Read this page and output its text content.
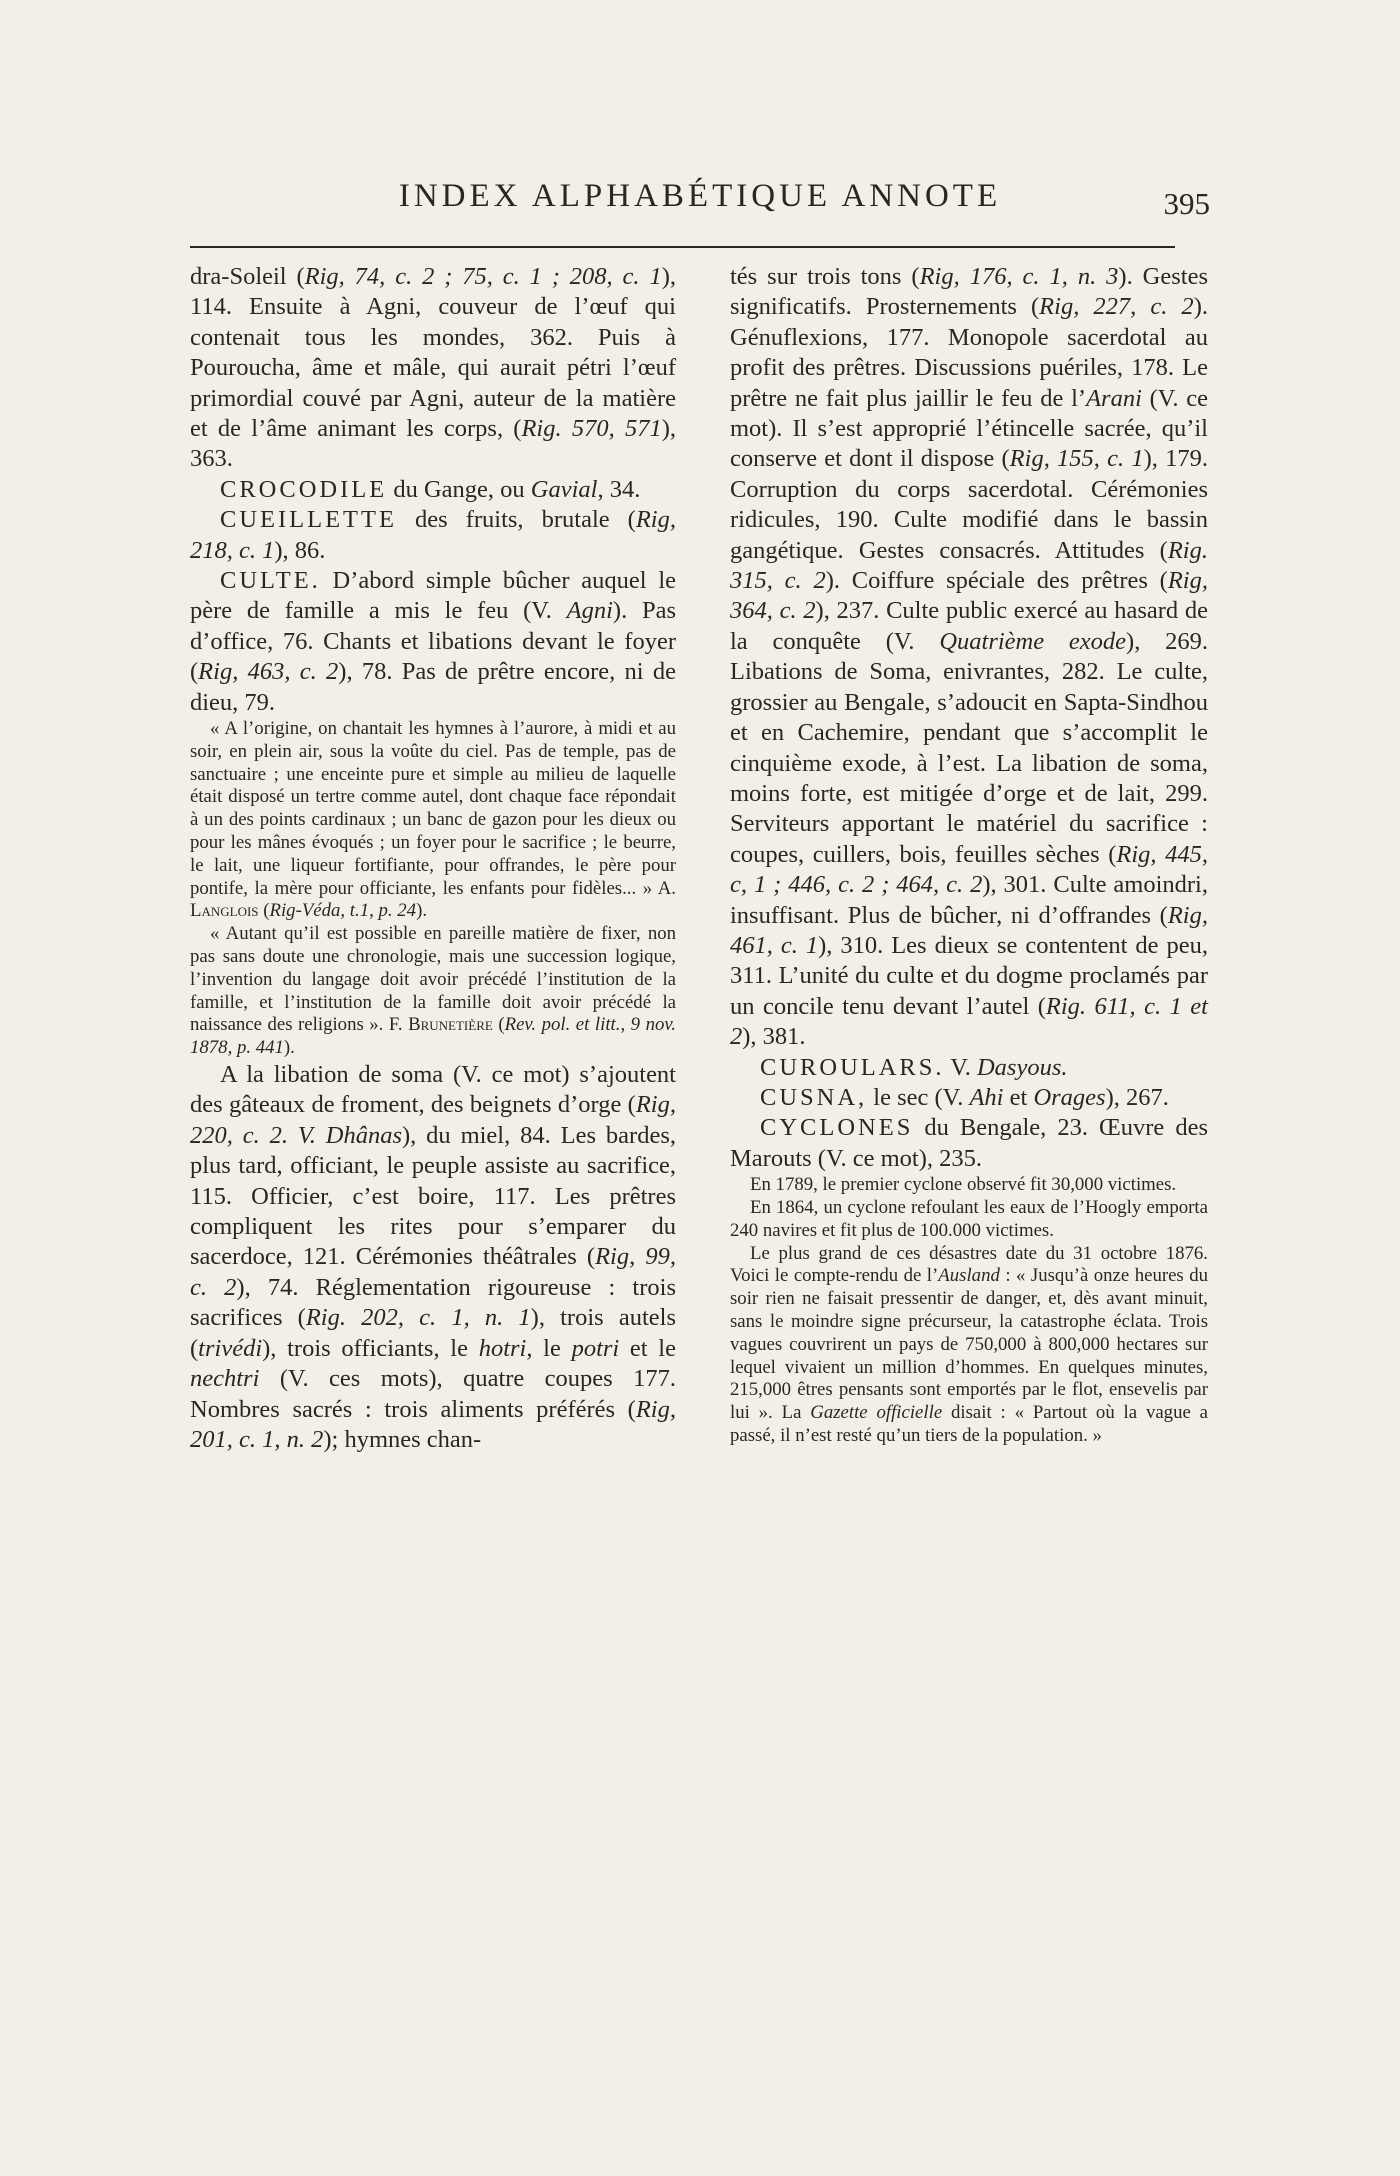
INDEX ALPHABÉTIQUE ANNOTE	395

dra-Soleil (Rig, 74, c. 2 ; 75, c. 1 ; 208, c. 1), 114. Ensuite à Agni, couveur de l’œuf qui contenait tous les mondes, 362. Puis à Pouroucha, âme et mâle, qui aurait pétri l’œuf primordial couvé par Agni, auteur de la matière et de l’âme animant les corps, (Rig. 570, 571), 363.

CROCODILE du Gange, ou Gavial, 34.

CUEILLETTE des fruits, brutale (Rig, 218, c. 1), 86.

CULTE. D’abord simple bûcher auquel le père de famille a mis le feu (V. Agni). Pas d’office, 76. Chants et libations devant le foyer (Rig, 463, c. 2), 78. Pas de prêtre encore, ni de dieu, 79.

« A l’origine, on chantait les hymnes à l’aurore, à midi et au soir, en plein air, sous la voûte du ciel. Pas de temple, pas de sanctuaire ; une enceinte pure et simple au milieu de laquelle était disposé un tertre comme autel, dont chaque face répondait à un des points cardinaux ; un banc de gazon pour les dieux ou pour les mânes évoqués ; un foyer pour le sacrifice ; le beurre, le lait, une liqueur fortifiante, pour offrandes, le père pour pontife, la mère pour officiante, les enfants pour fidèles... » A. Langlois (Rig-Véda, t.1, p. 24).

« Autant qu’il est possible en pareille matière de fixer, non pas sans doute une chronologie, mais une succession logique, l’invention du langage doit avoir précédé l’institution de la famille, et l’institution de la famille doit avoir précédé la naissance des religions ». F. Brunetière (Rev. pol. et litt., 9 nov. 1878, p. 441).

A la libation de soma (V. ce mot) s’ajoutent des gâteaux de froment, des beignets d’orge (Rig, 220, c. 2. V. Dhânas), du miel, 84. Les bardes, plus tard, officiant, le peuple assiste au sacrifice, 115. Officier, c’est boire, 117. Les prêtres compliquent les rites pour s’emparer du sacerdoce, 121. Cérémonies théâtrales (Rig, 99, c. 2), 74. Réglementation rigoureuse : trois sacrifices (Rig. 202, c. 1, n. 1), trois autels (trivédi), trois officiants, le hotri, le potri et le nechtri (V. ces mots), quatre coupes 177. Nombres sacrés : trois aliments préférés (Rig, 201, c. 1, n. 2); hymnes chan-

tés sur trois tons (Rig, 176, c. 1, n. 3). Gestes significatifs. Prosternements (Rig, 227, c. 2). Génuflexions, 177. Monopole sacerdotal au profit des prêtres. Discussions puériles, 178. Le prêtre ne fait plus jaillir le feu de l’Arani (V. ce mot). Il s’est approprié l’étincelle sacrée, qu’il conserve et dont il dispose (Rig, 155, c. 1), 179. Corruption du corps sacerdotal. Cérémonies ridicules, 190. Culte modifié dans le bassin gangétique. Gestes consacrés. Attitudes (Rig. 315, c. 2). Coiffure spéciale des prêtres (Rig, 364, c. 2), 237. Culte public exercé au hasard de la conquête (V. Quatrième exode), 269. Libations de Soma, enivrantes, 282. Le culte, grossier au Bengale, s’adoucit en Sapta-Sindhou et en Cachemire, pendant que s’accomplit le cinquième exode, à l’est. La libation de soma, moins forte, est mitigée d’orge et de lait, 299. Serviteurs apportant le matériel du sacrifice : coupes, cuillers, bois, feuilles sèches (Rig, 445, c, 1 ; 446, c. 2 ; 464, c. 2), 301. Culte amoindri, insuffisant. Plus de bûcher, ni d’offrandes (Rig, 461, c. 1), 310. Les dieux se contentent de peu, 311. L’unité du culte et du dogme proclamés par un concile tenu devant l’autel (Rig. 611, c. 1 et 2), 381.

CUROULARS. V. Dasyous.

CUSNA, le sec (V. Ahi et Orages), 267.

CYCLONES du Bengale, 23. Œuvre des Marouts (V. ce mot), 235.

En 1789, le premier cyclone observé fit 30,000 victimes.

En 1864, un cyclone refoulant les eaux de l’Hoogly emporta 240 navires et fit plus de 100.000 victimes.

Le plus grand de ces désastres date du 31 octobre 1876. Voici le compte-rendu de l’Ausland : « Jusqu’à onze heures du soir rien ne faisait pressentir de danger, et, dès avant minuit, sans le moindre signe précurseur, la catastrophe éclata. Trois vagues couvrirent un pays de 750,000 à 800,000 hectares sur lequel vivaient un million d’hommes. En quelques minutes, 215,000 êtres pensants sont emportés par le flot, ensevelis par lui ». La Gazette officielle disait : « Partout où la vague a passé, il n’est resté qu’un tiers de la population. »
